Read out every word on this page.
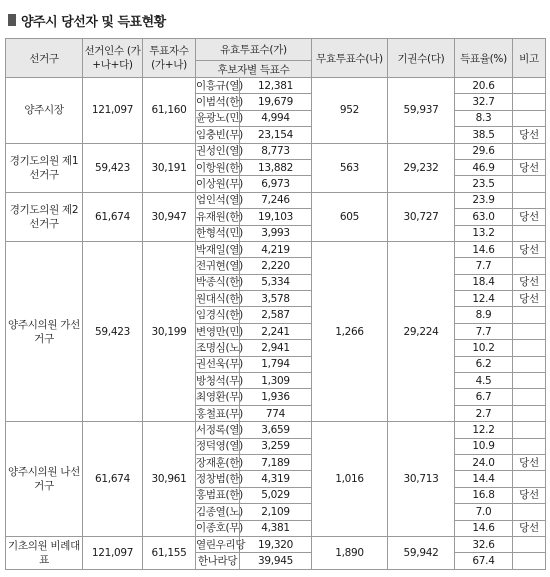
양주시 당선자 및 득표현황
선거구	선거인수 (가+나+다)	투표자수 (가+나)	유효투표수(가)		무효투표수(나)	기권수(다)	득표율(%)	비고
			후보자별 득표수					
양주시장	121,097	61,160	이흥규(열)	12,381	952	59,937	20.6	
			이범석(한)	19,679			32.7	
			윤광노(민)	4,994			8.3	
			임충빈(무)	23,154			38.5	당선
경기도의원 제1선거구	59,423	30,191	권성인(열)	8,773	563	29,232	29.6	
			이항원(한)	13,882			46.9	당선
			이상원(무)	6,973			23.5	
경기도의원 제2선거구	61,674	30,947	엄인석(열)	7,246	605	30,727	23.9	
			유재원(한)	19,103			63.0	당선
			한형석(민)	3,993			13.2	
양주시의원 가선거구	59,423	30,199	박재일(열)	4,219	1,266	29,224	14.6	당선
			전귀현(열)	2,220			7.7	
			박종식(한)	5,334			18.4	당선
			원대식(한)	3,578			12.4	당선
			임경식(한)	2,587			8.9	
			변영만(민)	2,241			7.7	
			조명심(노)	2,941			10.2	
			권선욱(무)	1,794			6.2	
			방청석(무)	1,309			4.5	
			최영환(무)	1,936			6.7	
			홍철표(무)	774			2.7	
양주시의원 나선거구	61,674	30,961	서정록(열)	3,659	1,016	30,713	12.2	
			정덕영(열)	3,259			10.9	
			장재훈(한)	7,189			24.0	당선
			정창범(한)	4,319			14.4	
			홍범표(한)	5,029			16.8	당선
			김종열(노)	2,109			7.0	
			이종호(무)	4,381			14.6	당선
기초의원 비례대표	121,097	61,155	열린우리당	19,320	1,890	59,942	32.6	
			한나라당	39,945			67.4	
